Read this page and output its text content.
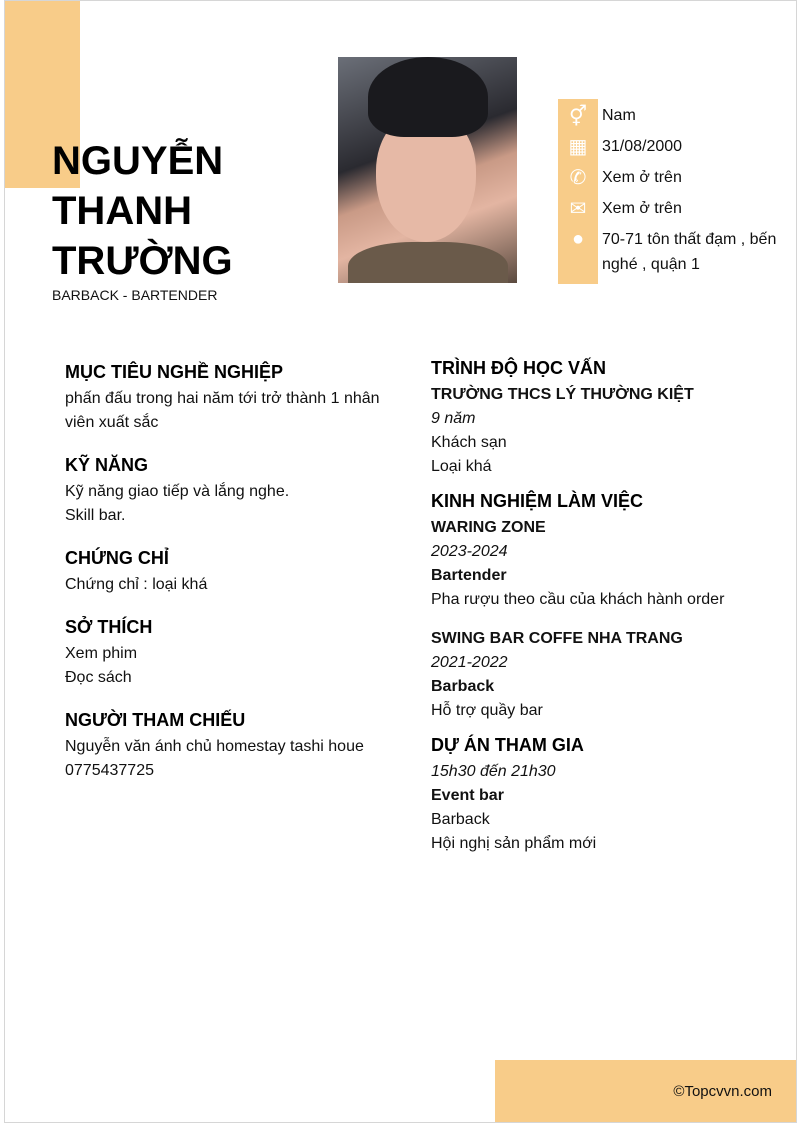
NGUYỄN
THANH
TRƯỜNG
BARBACK - BARTENDER
⚥
▦
✆
✉
●
Nam
31/08/2000
Xem ở trên
Xem ở trên
70-71 tôn thất đạm , bến nghé , quận 1
MỤC TIÊU NGHỀ NGHIỆP
phấn đấu trong hai năm tới trở thành 1 nhân viên xuất sắc
KỸ NĂNG
Kỹ năng giao tiếp và lắng nghe.
Skill bar.
CHỨNG CHỈ
Chứng chỉ : loại khá
SỞ THÍCH
Xem phim
Đọc sách
NGƯỜI THAM CHIẾU
Nguyễn văn ánh chủ homestay tashi houe
0775437725
TRÌNH ĐỘ HỌC VẤN
TRƯỜNG THCS LÝ THƯỜNG KIỆT
9 năm
Khách sạn
Loại khá
KINH NGHIỆM LÀM VIỆC
WARING ZONE
2023-2024
Bartender
Pha rượu theo cầu của khách hành order
SWING BAR COFFE NHA TRANG
2021-2022
Barback
Hỗ trợ quầy bar
DỰ ÁN THAM GIA
15h30 đến 21h30
Event bar
Barback
Hội nghị sản phẩm mới
©Topcvvn.com
